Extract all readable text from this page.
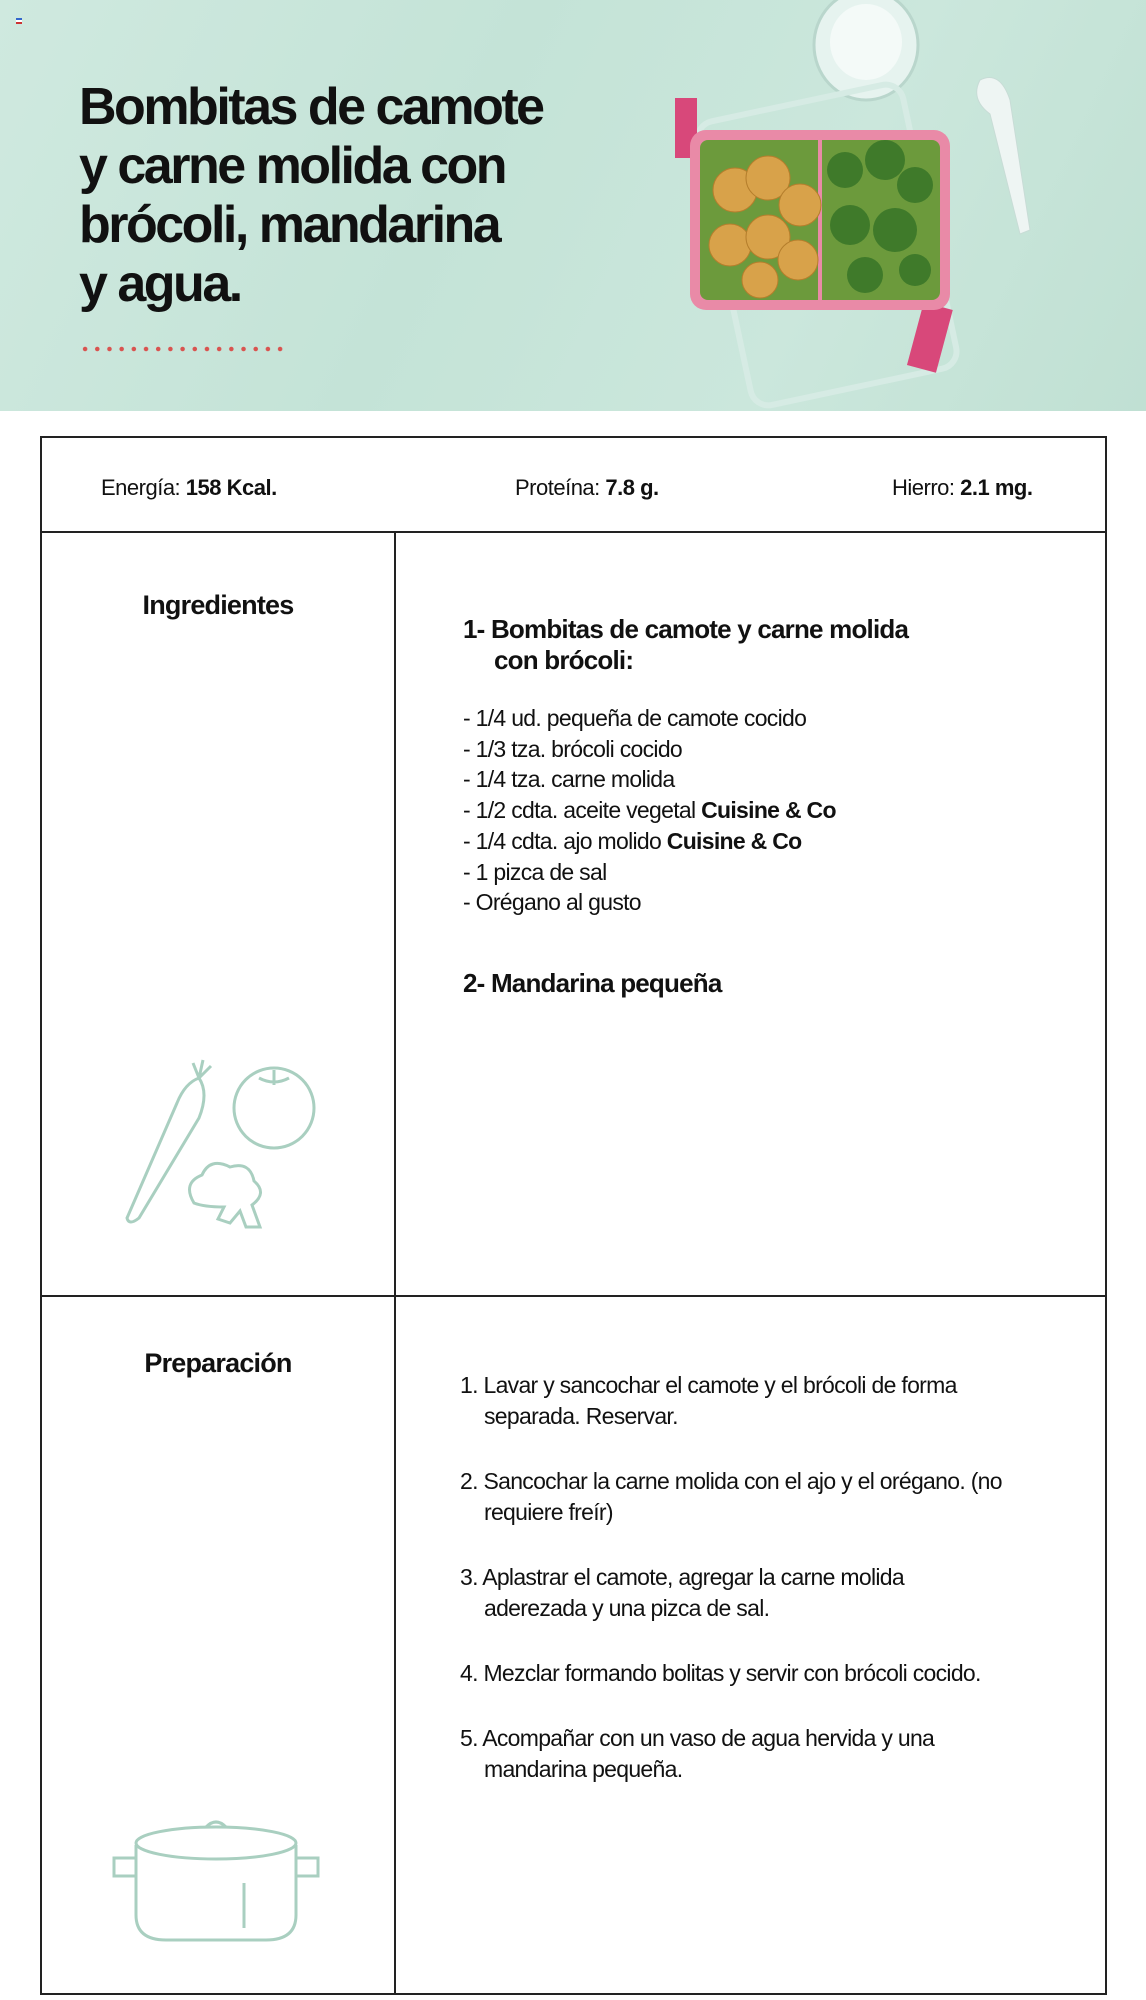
Bombitas de camote
y carne molida con
brócoli, mandarina
y agua.
Energía: 158 Kcal.	Proteína: 7.8 g.	Hierro: 2.1 mg.
Ingredientes
1- Bombitas de camote y carne molida
con brócoli:
- 1/4 ud. pequeña de camote cocido
- 1/3 tza. brócoli cocido
- 1/4 tza. carne molida
- 1/2 cdta. aceite vegetal Cuisine & Co
- 1/4 cdta. ajo molido Cuisine & Co
- 1 pizca de sal
- Orégano al gusto
2- Mandarina pequeña
Preparación
1. Lavar y sancochar el camote y el brócoli de forma separada. Reservar.
2. Sancochar la carne molida con el ajo y el orégano. (no requiere freír)
3. Aplastrar el camote, agregar la carne molida aderezada y una pizca de sal.
4. Mezclar formando bolitas y servir con brócoli cocido.
5. Acompañar con un vaso de agua hervida y una mandarina pequeña.
